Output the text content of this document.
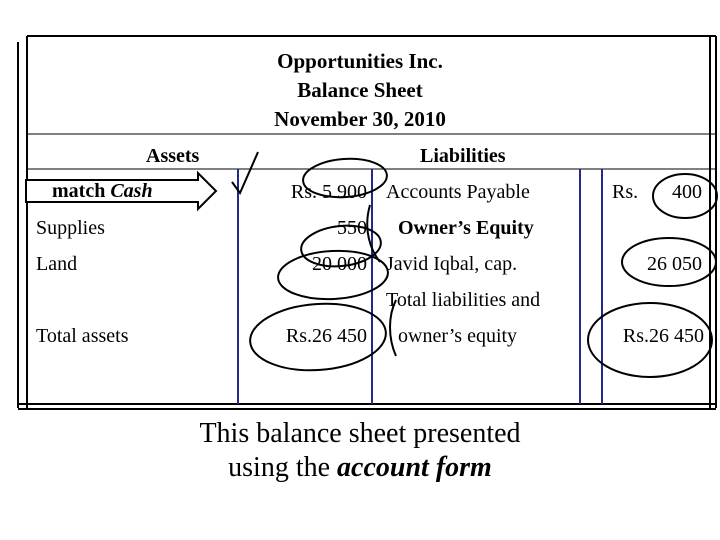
Opportunities Inc.
Balance Sheet
November 30, 2010
Assets	Liabilities
match Cash
Supplies
Land
Total assets
Rs. 5 900
550
20 000
Rs.26 450
Accounts Payable
Owner’s Equity
Javid Iqbal, cap.
Total liabilities and
owner’s equity
Rs.	400
26 050
Rs.26 450
This balance sheet presented
using the account form
